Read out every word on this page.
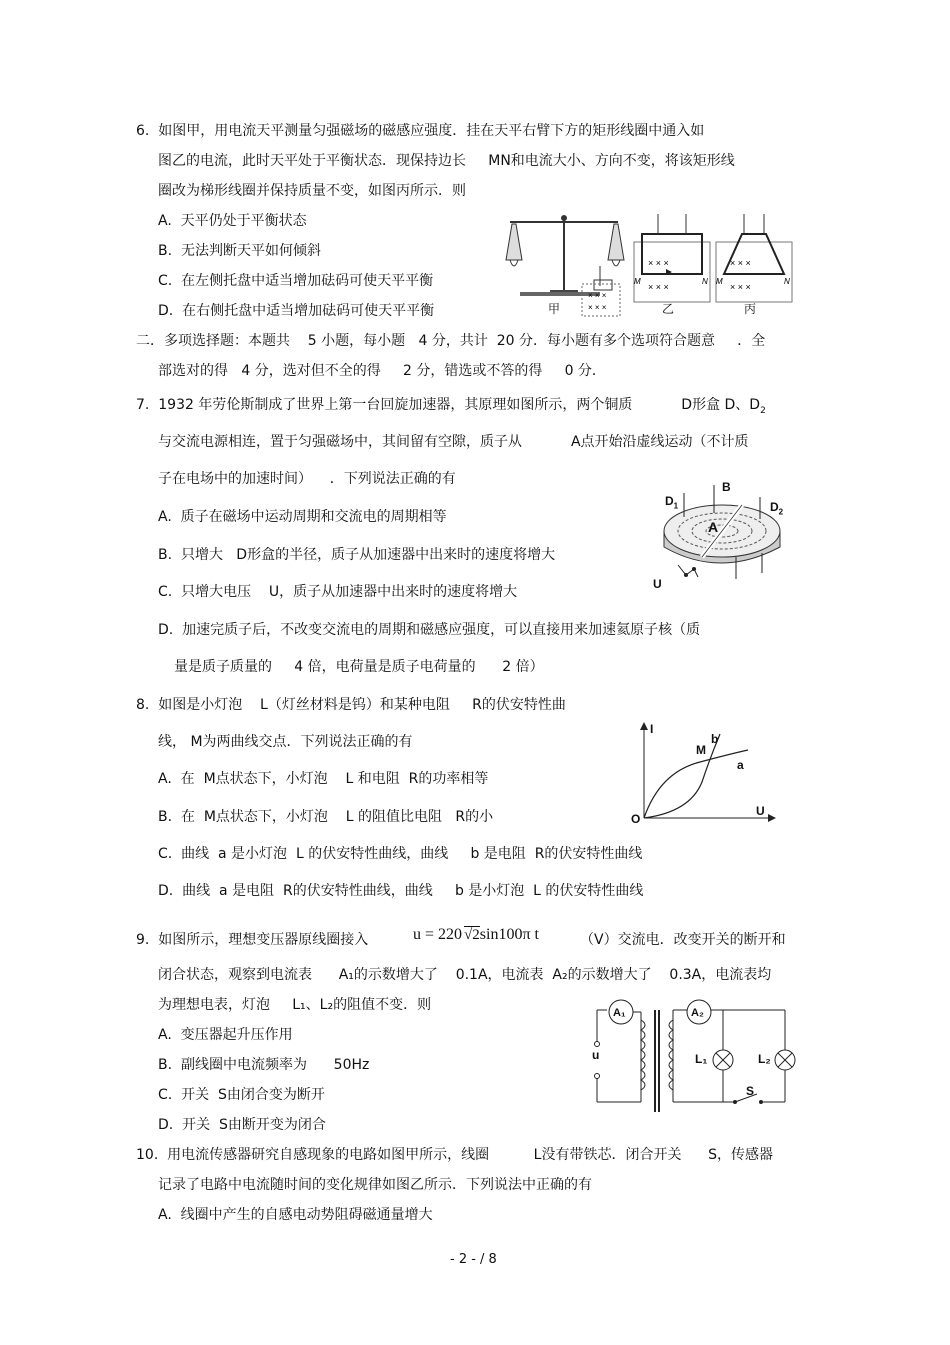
6.  如图甲，用电流天平测量匀强磁场的磁感应强度．挂在天平右臂下方的矩形线圈中通入如
图乙的电流，此时天平处于平衡状态．现保持边长     MN和电流大小、方向不变，将该矩形线
圈改为梯形线圈并保持质量不变，如图丙所示．则
A.  天平仍处于平衡状态
B.  无法判断天平如何倾斜
C.  在左侧托盘中适当增加砝码可使天平平衡
D.  在右侧托盘中适当增加砝码可使天平平衡
× × ×
× × ×
甲
× × ×
× × ×
M	N
乙
× × ×
× × ×
M	N
丙
二．多项选择题：本题共    5 小题，每小题   4 分，共计  20 分．每小题有多个选项符合题意     ．全
部选对的得   4 分，选对但不全的得     2 分，错选或不答的得     0 分．
7.  1932 年劳伦斯制成了世界上第一台回旋加速器，其原理如图所示，两个铜质           D形盒 D、$D_2$
与交流电源相连，置于匀强磁场中，其间留有空隙，质子从           A点开始沿虚线运动（不计质
子在电场中的加速时间）    ．下列说法正确的有
A.  质子在磁场中运动周期和交流电的周期相等
B.  只增大   D形盒的半径，质子从加速器中出来时的速度将增大
C.  只增大电压    U，质子从加速器中出来时的速度将增大
D.  加速完质子后，不改变交流电的周期和磁感应强度，可以直接用来加速氦原子核（质
量是质子质量的     4 倍，电荷量是质子电荷量的      2 倍）
B
$D_1$	$D_2$
A
U
8.  如图是小灯泡    L（灯丝材料是钨）和某种电阻     R的伏安特性曲
线， M为两曲线交点．下列说法正确的有
A.  在  M点状态下，小灯泡    L 和电阻  R的功率相等
B.  在  M点状态下，小灯泡    L 的阻值比电阻   R的小
C.  曲线  a 是小灯泡  L 的伏安特性曲线，曲线     b 是电阻  R的伏安特性曲线
D.  曲线  a 是电阻  R的伏安特性曲线，曲线     b 是小灯泡  L 的伏安特性曲线
I
U
O
M
b
a
9.  如图所示，理想变压器原线圈接入	u = 220 √2sin100π t	（V）交流电．改变开关的断开和
闭合状态，观察到电流表      A₁的示数增大了    0.1A，电流表  A₂的示数增大了    0.3A，电流表均
为理想电表，灯泡     L₁、L₂的阻值不变．则
A.  变压器起升压作用
B.  副线圈中电流频率为      50Hz
C.  开关  S由闭合变为断开
D.  开关  S由断开变为闭合
A₁	A₂
u	L₁	L₂
S
10.  用电流传感器研究自感现象的电路如图甲所示，线圈          L没有带铁芯．闭合开关      S，传感器
记录了电路中电流随时间的变化规律如图乙所示．下列说法中正确的有
A.  线圈中产生的自感电动势阻碍磁通量增大
- 2 - / 8
